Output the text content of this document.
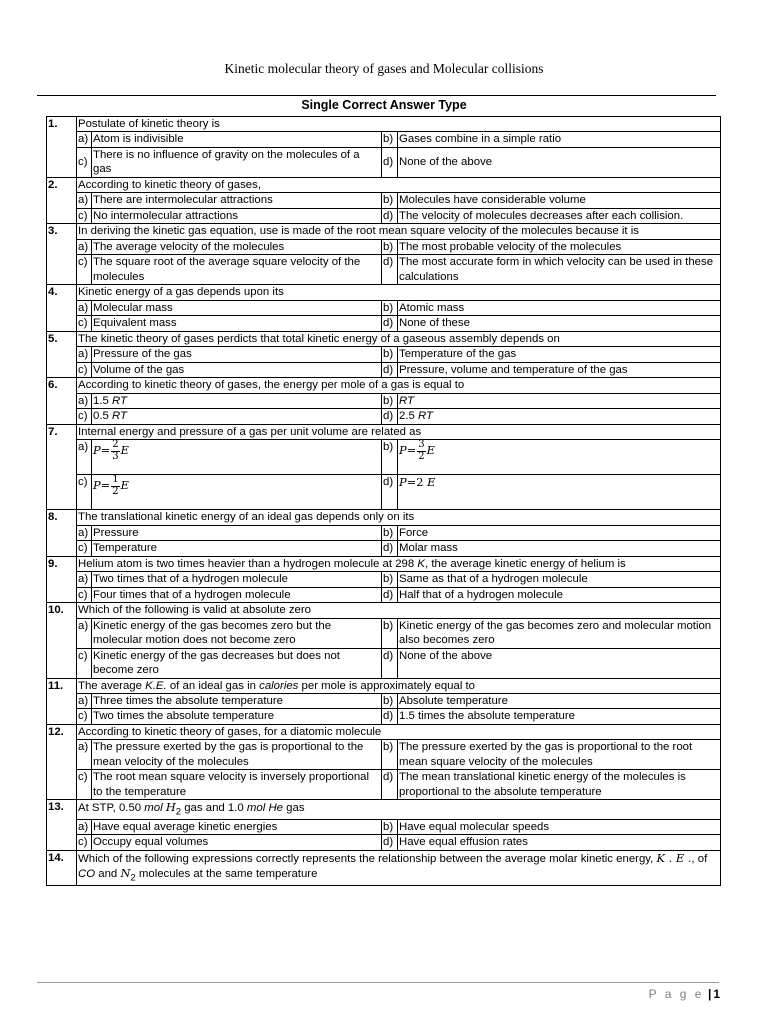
Kinetic molecular theory of gases and Molecular collisions
Single Correct Answer Type
1.	Postulate of kinetic theory is			
	a)	Atom is indivisible	b)	Gases combine in a simple ratio
	c)	There is no influence of gravity on the molecules of a gas	d)	None of the above
2.	According to kinetic theory of gases,			
	a)	There are intermolecular attractions	b)	Molecules have considerable volume
	c)	No intermolecular attractions	d)	The velocity of molecules decreases after each collision.
3.	In deriving the kinetic gas equation, use is made of the root mean square velocity of the molecules because it is			
	a)	The average velocity of the molecules	b)	The most probable velocity of the molecules
	c)	The square root of the average square velocity of the molecules	d)	The most accurate form in which velocity can be used in these calculations
4.	Kinetic energy of a gas depends upon its			
	a)	Molecular mass	b)	Atomic mass
	c)	Equivalent mass	d)	None of these
5.	The kinetic theory of gases perdicts that total kinetic energy of a gaseous assembly depends on			
	a)	Pressure of the gas	b)	Temperature of the gas
	c)	Volume of the gas	d)	Pressure, volume and temperature of the gas
6.	According to kinetic theory of gases, the energy per mole of a gas is equal to			
	a)	1.5 RT	b)	RT
	c)	0.5 RT	d)	2.5 RT
7.	Internal energy and pressure of a gas per unit volume are related as			
	a)	$P= \frac{2}{3}$ E	b)	$P= \frac{3}{2}$ E
	c)	$P= \frac{1}{2}$ E	d)	P=2 E
8.	The translational kinetic energy of an ideal gas depends only on its			
	a)	Pressure	b)	Force
	c)	Temperature	d)	Molar mass
9.	Helium atom is two times heavier than a hydrogen molecule at 298 K, the average kinetic energy of helium is			
	a)	Two times that of a hydrogen molecule	b)	Same as that of a hydrogen molecule
	c)	Four times that of a hydrogen molecule	d)	Half that of a hydrogen molecule
10.	Which of the following is valid at absolute zero			
	a)	Kinetic energy of the gas becomes zero but the molecular motion does not become zero	b)	Kinetic energy of the gas becomes zero and molecular motion also becomes zero
	c)	Kinetic energy of the gas decreases but does not become zero	d)	None of the above
11.	The average K.E. of an ideal gas in calories per mole is approximately equal to			
	a)	Three times the absolute temperature	b)	Absolute temperature
	c)	Two times the absolute temperature	d)	1.5 times the absolute temperature
12.	According to kinetic theory of gases, for a diatomic molecule			
	a)	The pressure exerted by the gas is proportional to the mean velocity of the molecules	b)	The pressure exerted by the gas is proportional to the root mean square velocity of the molecules
	c)	The root mean square velocity is inversely proportional to the temperature	d)	The mean translational kinetic energy of the molecules is proportional to the absolute temperature
13.	At STP, 0.50 mol $H_2$ gas and 1.0 mol He gas			
	a)	Have equal average kinetic energies	b)	Have equal molecular speeds
	c)	Occupy equal volumes	d)	Have equal effusion rates
14.	Which of the following expressions correctly represents the relationship between the average molar kinetic energy, K . E ., of CO and $N_2$ molecules at the same temperature			
P a g e | 1
